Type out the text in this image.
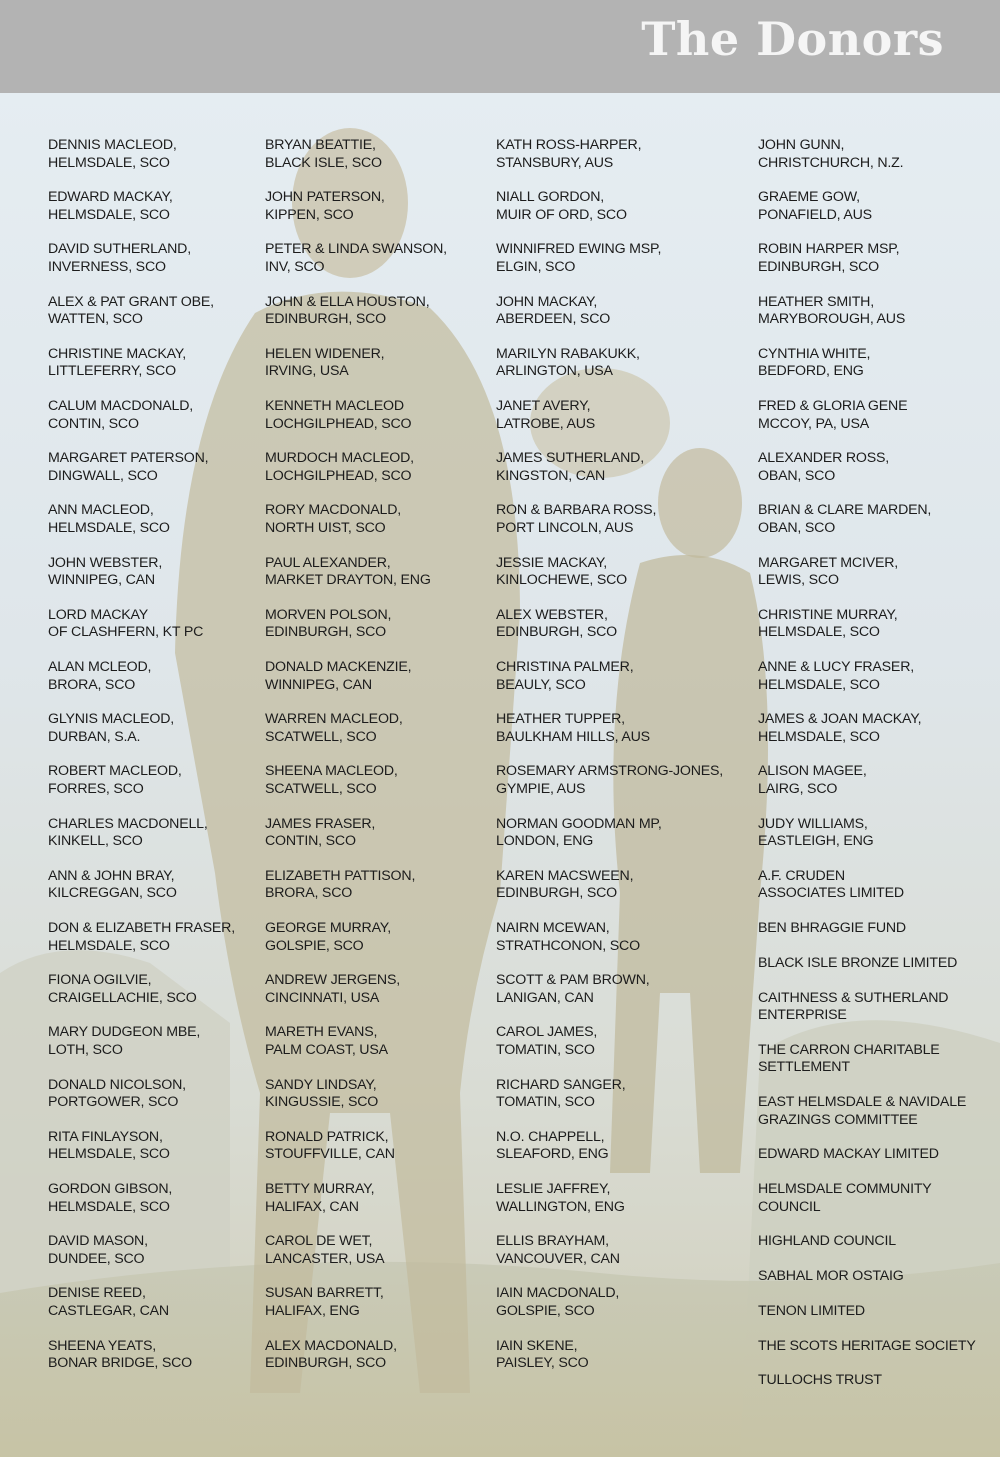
The Donors
DENNIS MACLEOD,
HELMSDALE, SCO
EDWARD MACKAY,
HELMSDALE, SCO
DAVID SUTHERLAND,
INVERNESS, SCO
ALEX & PAT GRANT OBE,
WATTEN, SCO
CHRISTINE MACKAY,
LITTLEFERRY, SCO
CALUM MACDONALD,
CONTIN, SCO
MARGARET PATERSON,
DINGWALL, SCO
ANN MACLEOD,
HELMSDALE, SCO
JOHN WEBSTER,
WINNIPEG, CAN
LORD MACKAY
OF CLASHFERN, KT PC
ALAN MCLEOD,
BRORA, SCO
GLYNIS MACLEOD,
DURBAN, S.A.
ROBERT MACLEOD,
FORRES, SCO
CHARLES MACDONELL,
KINKELL, SCO
ANN & JOHN BRAY,
KILCREGGAN, SCO
DON & ELIZABETH FRASER,
HELMSDALE, SCO
FIONA OGILVIE,
CRAIGELLACHIE, SCO
MARY DUDGEON MBE,
LOTH, SCO
DONALD NICOLSON,
PORTGOWER, SCO
RITA FINLAYSON,
HELMSDALE, SCO
GORDON GIBSON,
HELMSDALE, SCO
DAVID MASON,
DUNDEE, SCO
DENISE REED,
CASTLEGAR, CAN
SHEENA YEATS,
BONAR BRIDGE, SCO
BRYAN BEATTIE,
BLACK ISLE, SCO
JOHN PATERSON,
KIPPEN, SCO
PETER & LINDA SWANSON,
INV, SCO
JOHN & ELLA HOUSTON,
EDINBURGH, SCO
HELEN WIDENER,
IRVING, USA
KENNETH MACLEOD
LOCHGILPHEAD, SCO
MURDOCH MACLEOD,
LOCHGILPHEAD, SCO
RORY MACDONALD,
NORTH UIST, SCO
PAUL ALEXANDER,
MARKET DRAYTON, ENG
MORVEN POLSON,
EDINBURGH, SCO
DONALD MACKENZIE,
WINNIPEG, CAN
WARREN MACLEOD,
SCATWELL, SCO
SHEENA MACLEOD,
SCATWELL, SCO
JAMES FRASER,
CONTIN, SCO
ELIZABETH PATTISON,
BRORA, SCO
GEORGE MURRAY,
GOLSPIE, SCO
ANDREW JERGENS,
CINCINNATI, USA
MARETH EVANS,
PALM COAST, USA
SANDY LINDSAY,
KINGUSSIE, SCO
RONALD PATRICK,
STOUFFVILLE, CAN
BETTY MURRAY,
HALIFAX, CAN
CAROL DE WET,
LANCASTER, USA
SUSAN BARRETT,
HALIFAX, ENG
ALEX MACDONALD,
EDINBURGH, SCO
KATH ROSS-HARPER,
STANSBURY, AUS
NIALL GORDON,
MUIR OF ORD, SCO
WINNIFRED EWING MSP,
ELGIN, SCO
JOHN MACKAY,
ABERDEEN, SCO
MARILYN RABAKUKK,
ARLINGTON, USA
JANET AVERY,
LATROBE, AUS
JAMES SUTHERLAND,
KINGSTON, CAN
RON & BARBARA ROSS,
PORT LINCOLN, AUS
JESSIE MACKAY,
KINLOCHEWE, SCO
ALEX WEBSTER,
EDINBURGH, SCO
CHRISTINA PALMER,
BEAULY, SCO
HEATHER TUPPER,
BAULKHAM HILLS, AUS
ROSEMARY ARMSTRONG-JONES,
GYMPIE, AUS
NORMAN GOODMAN MP,
LONDON, ENG
KAREN MACSWEEN,
EDINBURGH, SCO
NAIRN MCEWAN,
STRATHCONON, SCO
SCOTT & PAM BROWN,
LANIGAN, CAN
CAROL JAMES,
TOMATIN, SCO
RICHARD SANGER,
TOMATIN, SCO
N.O. CHAPPELL,
SLEAFORD, ENG
LESLIE JAFFREY,
WALLINGTON, ENG
ELLIS BRAYHAM,
VANCOUVER, CAN
IAIN MACDONALD,
GOLSPIE, SCO
IAIN SKENE,
PAISLEY, SCO
JOHN GUNN,
CHRISTCHURCH, N.Z.
GRAEME GOW,
PONAFIELD, AUS
ROBIN HARPER MSP,
EDINBURGH, SCO
HEATHER SMITH,
MARYBOROUGH, AUS
CYNTHIA WHITE,
BEDFORD, ENG
FRED & GLORIA GENE
MCCOY, PA, USA
ALEXANDER ROSS,
OBAN, SCO
BRIAN & CLARE MARDEN,
OBAN, SCO
MARGARET MCIVER,
LEWIS, SCO
CHRISTINE MURRAY,
HELMSDALE, SCO
ANNE & LUCY FRASER,
HELMSDALE, SCO
JAMES & JOAN MACKAY,
HELMSDALE, SCO
ALISON MAGEE,
LAIRG, SCO
JUDY WILLIAMS,
EASTLEIGH, ENG
A.F. CRUDEN
ASSOCIATES LIMITED
BEN BHRAGGIE FUND
BLACK ISLE BRONZE LIMITED
CAITHNESS & SUTHERLAND
ENTERPRISE
THE CARRON CHARITABLE
SETTLEMENT
EAST HELMSDALE & NAVIDALE
GRAZINGS COMMITTEE
EDWARD MACKAY LIMITED
HELMSDALE COMMUNITY
COUNCIL
HIGHLAND COUNCIL
SABHAL MOR OSTAIG
TENON LIMITED
THE SCOTS HERITAGE SOCIETY
TULLOCHS TRUST
